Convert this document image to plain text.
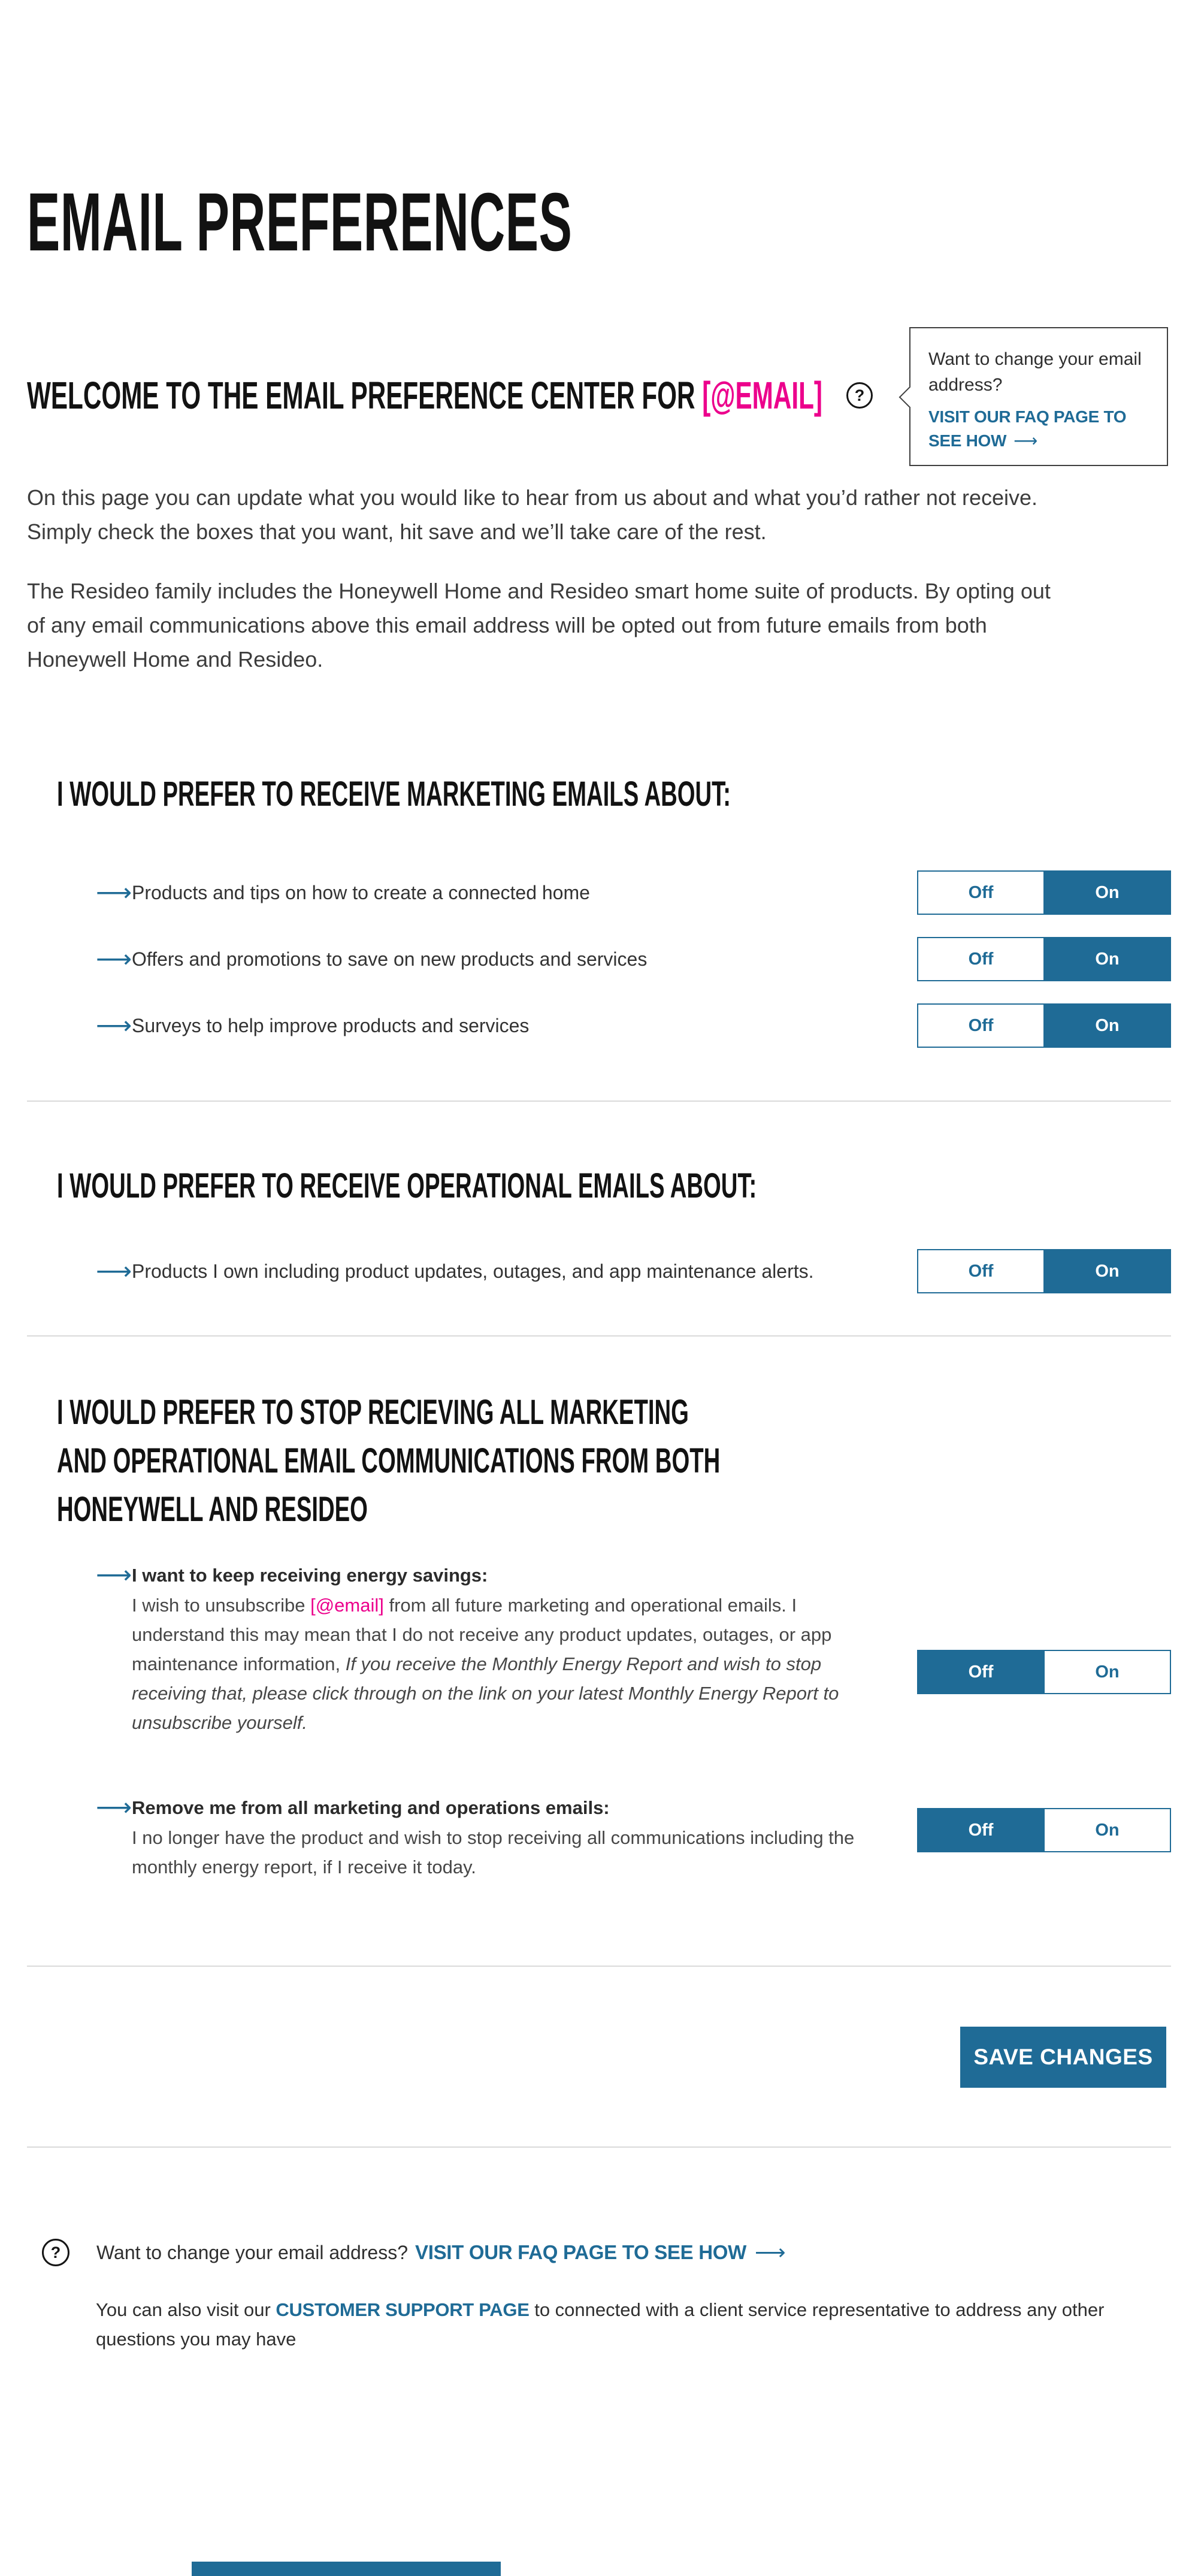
EMAIL PREFERENCES
WELCOME TO THE EMAIL PREFERENCE CENTER FOR [@EMAIL]	?
Want to change your email address?
VISIT OUR FAQ PAGE TO SEE HOW ⟶

On this page you can update what you would like to hear from us about and what you’d rather not receive.
Simply check the boxes that you want, hit save and we’ll take care of the rest.

The Resideo family includes the Honeywell Home and Resideo smart home suite of products. By opting out
of any email communications above this email address will be opted out from future emails from both
Honeywell Home and Resideo.

I WOULD PREFER TO RECEIVE MARKETING EMAILS ABOUT:
⟶ Products and tips on how to create a connected home	Off	On
⟶ Offers and promotions to save on new products and services	Off	On
⟶ Surveys to help improve products and services	Off	On
I WOULD PREFER TO RECEIVE OPERATIONAL EMAILS ABOUT:
⟶ Products I own including product updates, outages, and app maintenance alerts.	Off	On
I WOULD PREFER TO STOP RECIEVING ALL MARKETING
AND OPERATIONAL EMAIL COMMUNICATIONS FROM BOTH
HONEYWELL AND RESIDEO
⟶ I want to keep receiving energy savings:
I wish to unsubscribe [@email] from all future marketing and operational emails. I understand this may mean that I do not receive any product updates, outages, or app maintenance information, If you receive the Monthly Energy Report and wish to stop receiving that, please click through on the link on your latest Monthly Energy Report to unsubscribe yourself.
Off	On
⟶ Remove me from all marketing and operations emails:
I no longer have the product and wish to stop receiving all communications including the monthly energy report, if I receive it today.
Off	On
SAVE CHANGES
? Want to change your email address? VISIT OUR FAQ PAGE TO SEE HOW ⟶
You can also visit our CUSTOMER SUPPORT PAGE to connected with a client service representative to address any other questions you may have
